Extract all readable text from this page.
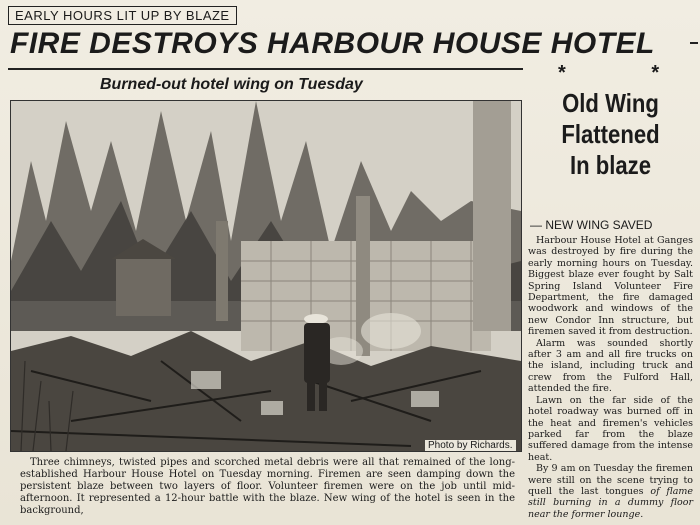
EARLY HOURS LIT UP BY BLAZE
FIRE DESTROYS HARBOUR HOUSE HOTEL
Burned-out hotel wing on Tuesday
Photo by Richards.

Three chimneys, twisted pipes and scorched metal debris were all that remained of the long-established Harbour House Hotel on Tuesday morning. Firemen are seen damping down the persistent blaze between two layers of floor. Volunteer firemen were on the job until mid-afternoon. It represented a 12-hour battle with the blaze. New wing of the hotel is seen in the background,

* *
Old Wing
Flattened
In blaze
— NEW WING SAVED

Harbour House Hotel at Ganges was destroyed by fire during the early morning hours on Tuesday. Biggest blaze ever fought by Salt Spring Island Volunteer Fire Department, the fire damaged woodwork and windows of the new Condor Inn structure, but firemen saved it from destruction.

Alarm was sounded shortly after 3 am and all fire trucks on the island, including truck and crew from the Fulford Hall, attended the fire.

Lawn on the far side of the hotel roadway was burned off in the heat and firemen's vehicles parked far from the blaze suffered damage from the intense heat.

By 9 am on Tuesday the firemen were still on the scene trying to quell the last tongues of flame still burning in a dummy floor near the former lounge.
